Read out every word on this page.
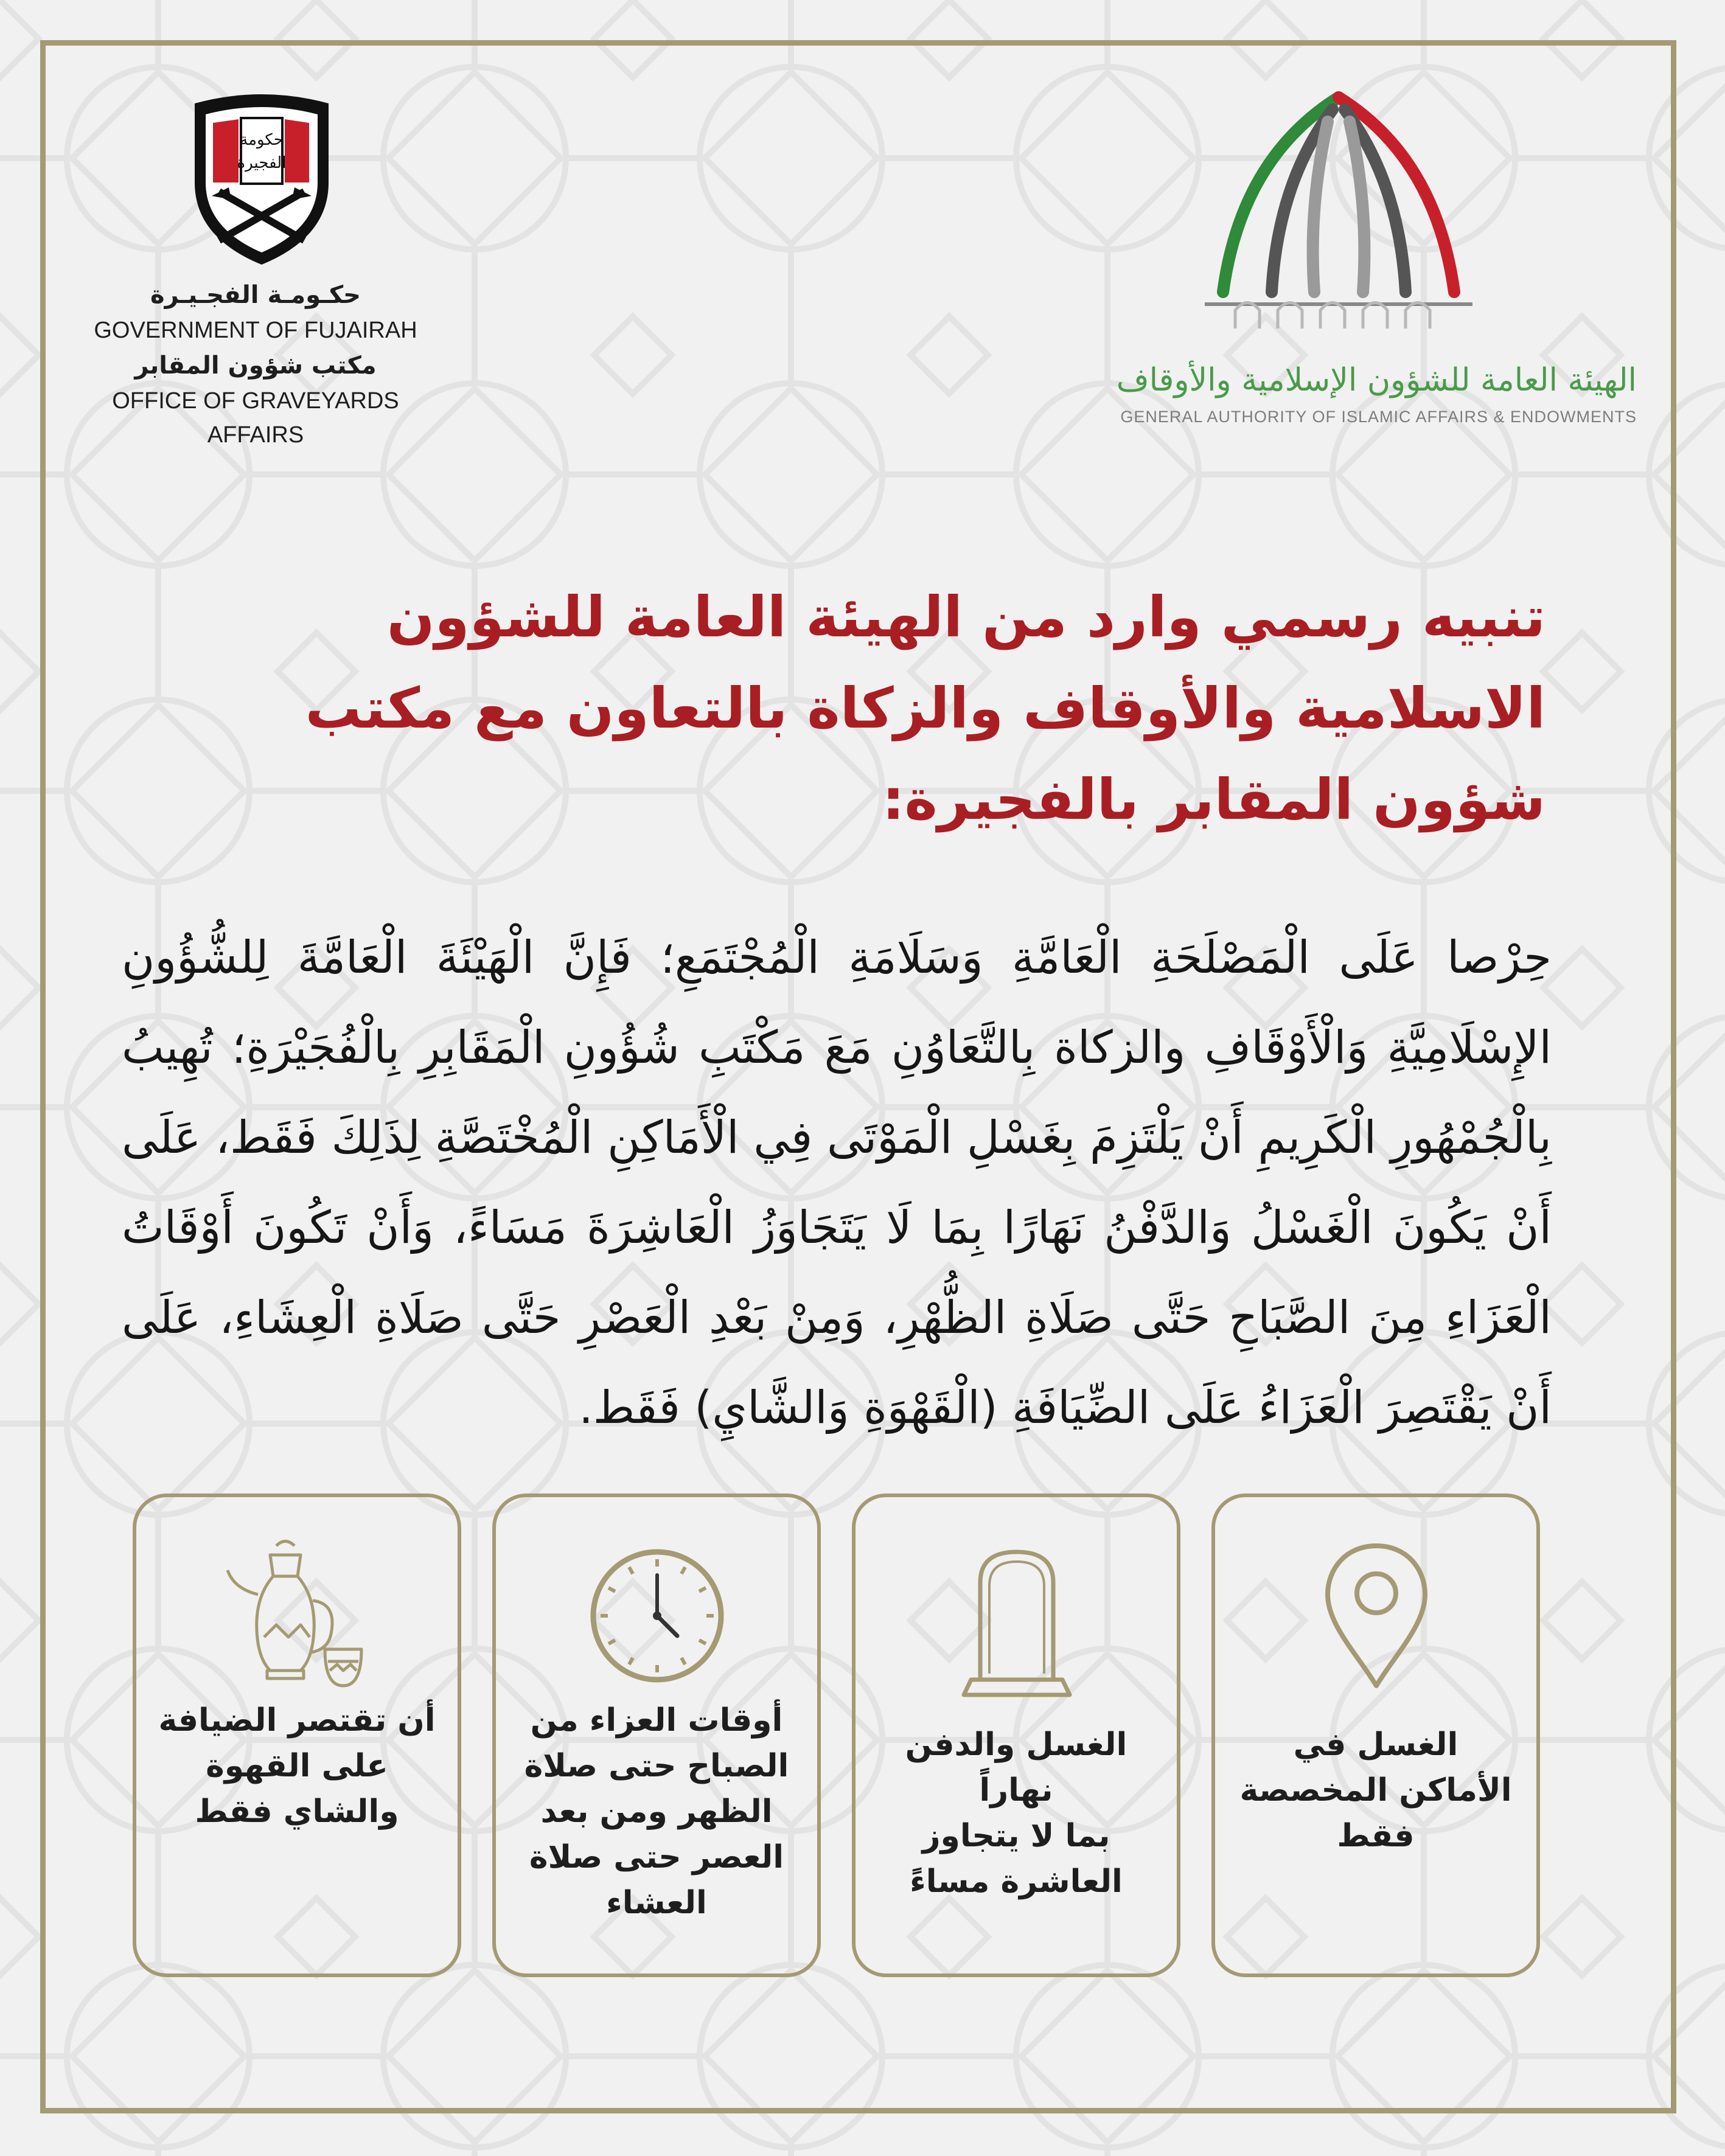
حكومة
الفجيرة
حكـومـة الفجـيـرة
GOVERNMENT OF FUJAIRAH
مكتب شؤون المقابر
OFFICE OF GRAVEYARDS AFFAIRS
الهيئة العامة للشؤون الإسلامية والأوقاف
GENERAL AUTHORITY OF ISLAMIC AFFAIRS & ENDOWMENTS
تنبيه رسمي وارد من الهيئة العامة للشؤون الاسلامية والأوقاف والزكاة بالتعاون مع مكتب شؤون المقابر بالفجيرة:
حِرْصا عَلَى الْمَصْلَحَةِ الْعَامَّةِ وَسَلَامَةِ الْمُجْتَمَعِ؛ فَإِنَّ الْهَيْئَةَ الْعَامَّةَ لِلشُّؤُونِ الإِسْلَامِيَّةِ وَالْأَوْقَافِ والزكاة بِالتَّعَاوُنِ مَعَ مَكْتَبِ شُؤُونِ الْمَقَابِرِ بِالْفُجَيْرَةِ؛ تُهِيبُ بِالْجُمْهُورِ الْكَرِيمِ أَنْ يَلْتَزِمَ بِغَسْلِ الْمَوْتَى فِي الْأَمَاكِنِ الْمُخْتَصَّةِ لِذَلِكَ فَقَط، عَلَى أَنْ يَكُونَ الْغَسْلُ وَالدَّفْنُ نَهَارًا بِمَا لَا يَتَجَاوَزُ الْعَاشِرَةَ مَسَاءً، وَأَنْ تَكُونَ أَوْقَاتُ الْعَزَاءِ مِنَ الصَّبَاحِ حَتَّى صَلَاةِ الظُّهْرِ، وَمِنْ بَعْدِ الْعَصْرِ حَتَّى صَلَاةِ الْعِشَاءِ، عَلَى أَنْ يَقْتَصِرَ الْعَزَاءُ عَلَى الضِّيَافَةِ (الْقَهْوَةِ وَالشَّايِ) فَقَط.
الغسل في
الأماكن المخصصة
فقط
الغسل والدفن
نهاراً
بما لا يتجاوز
العاشرة مساءً
أوقات العزاء من
الصباح حتى صلاة
الظهر ومن بعد
العصر حتى صلاة
العشاء
أن تقتصر الضيافة
على القهوة
والشاي فقط
